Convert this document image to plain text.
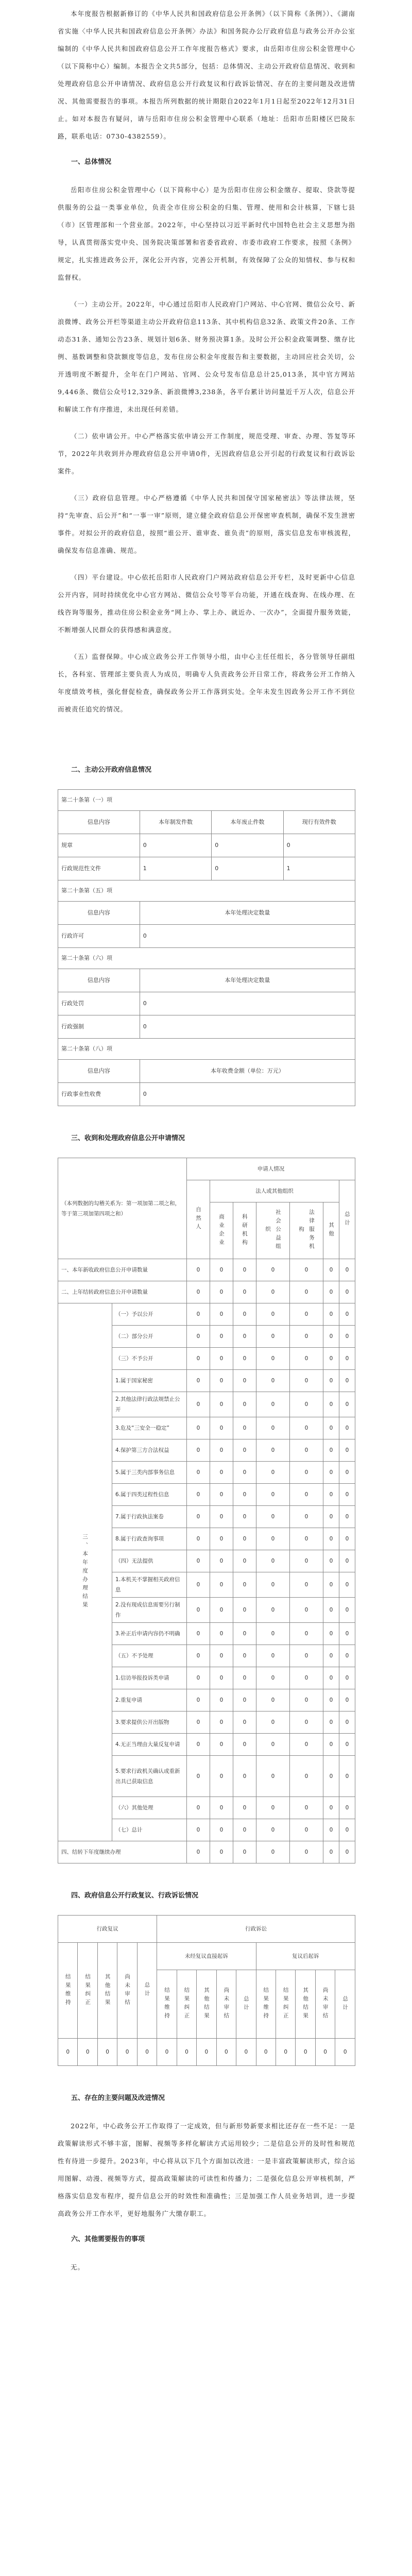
本年度报告根据新修订的《中华人民共和国政府信息公开条例》（以下简称《条例》）、《湖南省实施〈中华人民共和国政府信息公开条例〉办法》和国务院办公厅政府信息与政务公开办公室编制的《中华人民共和国政府信息公开工作年度报告格式》要求，由岳阳市住房公积金管理中心（以下简称中心）编制。本报告全文共5部分，包括：总体情况、主动公开政府信息情况、收到和处理政府信息公开申请情况、政府信息公开行政复议和行政诉讼情况、存在的主要问题及改进情况、其他需要报告的事项。本报告所列数据的统计期限自2022年1月1日起至2022年12月31日止。如对本报告有疑问，请与岳阳市住房公积金管理中心联系（地址：岳阳市岳阳楼区巴陵东路，联系电话：0730-4382559）。

一、总体情况

岳阳市住房公积金管理中心（以下简称中心）是为岳阳市住房公积金缴存、提取、贷款等提供服务的公益一类事业单位，负责全市住房公积金的归集、管理、使用和会计核算，下辖七县（市）区管理部和一个营业部。2022年，中心坚持以习近平新时代中国特色社会主义思想为指导，认真贯彻落实党中央、国务院决策部署和省委省政府、市委市政府工作要求，按照《条例》规定，扎实推进政务公开，深化公开内容，完善公开机制，有效保障了公众的知情权、参与权和监督权。

（一）主动公开。2022年，中心通过岳阳市人民政府门户网站、中心官网、微信公众号、新浪微博、政务公开栏等渠道主动公开政府信息113条、其中机构信息32条、政策文件20条、工作动态31条、通知公告23条、规划计划6条、财务预决算1条。及时公开公积金政策调整、缴存比例、基数调整和贷款额度等信息，发布住房公积金年度报告和主要数据，主动回应社会关切，公开透明度不断提升，全年在门户网站、官网、公众号发布信息总计25,013条，其中官方网站9,446条、微信公众号12,329条、新浪微博3,238条，各平台累计访问量近千万人次，信息公开和解读工作有序推进，未出现任何差错。

（二）依申请公开。中心严格落实依申请公开工作制度，规范受理、审查、办理、答复等环节，2022年共收到并办理政府信息公开申请0件，无因政府信息公开引起的行政复议和行政诉讼案件。

（三）政府信息管理。中心严格遵循《中华人民共和国保守国家秘密法》等法律法规，坚持“先审查、后公开”和“一事一审”原则，建立健全政府信息公开保密审查机制，确保不发生泄密事件。对拟公开的政府信息，按照“谁公开、谁审查、谁负责”的原则，落实信息发布审核流程，确保发布信息准确、规范。

（四）平台建设。中心依托岳阳市人民政府门户网站政府信息公开专栏，及时更新中心信息公开内容，同时持续优化中心官方网站、微信公众号等平台功能，开通在线查询、在线办理、在线咨询等服务，推动住房公积金业务“网上办、掌上办、就近办、一次办”，全面提升服务效能，不断增强人民群众的获得感和满意度。

（五）监督保障。中心成立政务公开工作领导小组，由中心主任任组长，各分管领导任副组长，各科室、管理部主要负责人为成员，明确专人负责政务公开日常工作，将政务公开工作纳入年度绩效考核，强化督促检查，确保政务公开工作落到实处。全年未发生因政务公开工作不到位而被责任追究的情况。

二、主动公开政府信息情况
第二十条第（一）项			
信息内容	本年制发件数	本年废止件数	现行有效件数
规章	0	0	0
行政规范性文件	1	0	1
第二十条第（五）项			
信息内容	本年处理决定数量		
行政许可	0		
第二十条第（六）项			
信息内容	本年处理决定数量		
行政处罚	0		
行政强制	0		
第二十条第（八）项			
信息内容	本年收费金额（单位：万元）		
行政事业性收费	0		
三、收到和处理政府信息公开申请情况
（本列数据的勾稽关系为：第一项加第二项之和，等于第三项加第四项之和）		申请人情况						
		自然人	法人或其他组织					总计
			商业企业	科研机构	社会公益组织	法律服务机构	其他	
一、本年新收政府信息公开申请数量		0	0	0	0	0	0	0
二、上年结转政府信息公开申请数量		0	0	0	0	0	0	0
三、本年度办理结果	（一）予以公开	0	0	0	0	0	0	0
	（二）部分公开	0	0	0	0	0	0	0
	（三）不予公开	0	0	0	0	0	0	0
	1.属于国家秘密	0	0	0	0	0	0	0
	2.其他法律行政法规禁止公开	0	0	0	0	0	0	0
	3.危及“三安全一稳定”	0	0	0	0	0	0	0
	4.保护第三方合法权益	0	0	0	0	0	0	0
	5.属于三类内部事务信息	0	0	0	0	0	0	0
	6.属于四类过程性信息	0	0	0	0	0	0	0
	7.属于行政执法案卷	0	0	0	0	0	0	0
	8.属于行政查询事项	0	0	0	0	0	0	0
	（四）无法提供	0	0	0	0	0	0	0
	1.本机关不掌握相关政府信息	0	0	0	0	0	0	0
	2.没有现成信息需要另行制作	0	0	0	0	0	0	0
	3.补正后申请内容仍不明确	0	0	0	0	0	0	0
	（五）不予处理	0	0	0	0	0	0	0
	1.信访举报投诉类申请	0	0	0	0	0	0	0
	2.重复申请	0	0	0	0	0	0	0
	3.要求提供公开出版物	0	0	0	0	0	0	0
	4.无正当理由大量反复申请	0	0	0	0	0	0	0
	5.要求行政机关确认或重新出具已获取信息	0	0	0	0	0	0	0
	（六）其他处理	0	0	0	0	0	0	0
	（七）总计	0	0	0	0	0	0	0
四、结转下年度继续办理		0	0	0	0	0	0	0
四、政府信息公开行政复议、行政诉讼情况
行政复议					行政诉讼									
结果维持	结果纠正	其他结果	尚未审结	总计	未经复议直接起诉					复议后起诉				
					结果维持	结果纠正	其他结果	尚未审结	总计	结果维持	结果纠正	其他结果	尚未审结	总计
0	0	0	0	0	0	0	0	0	0	0	0	0	0	0
五、存在的主要问题及改进情况

2022年，中心政务公开工作取得了一定成效，但与新形势新要求相比还存在一些不足：一是政策解读形式不够丰富，图解、视频等多样化解读方式运用较少；二是信息公开的及时性和规范性有待进一步提升。2023年，中心将从以下几个方面加以改进：一是丰富政策解读形式，综合运用图解、动漫、视频等方式，提高政策解读的可读性和传播力；二是强化信息公开审核机制，严格落实信息发布程序，提升信息公开的时效性和准确性；三是加强工作人员业务培训，进一步提高政务公开工作水平，更好地服务广大缴存职工。

六、其他需要报告的事项

无。
